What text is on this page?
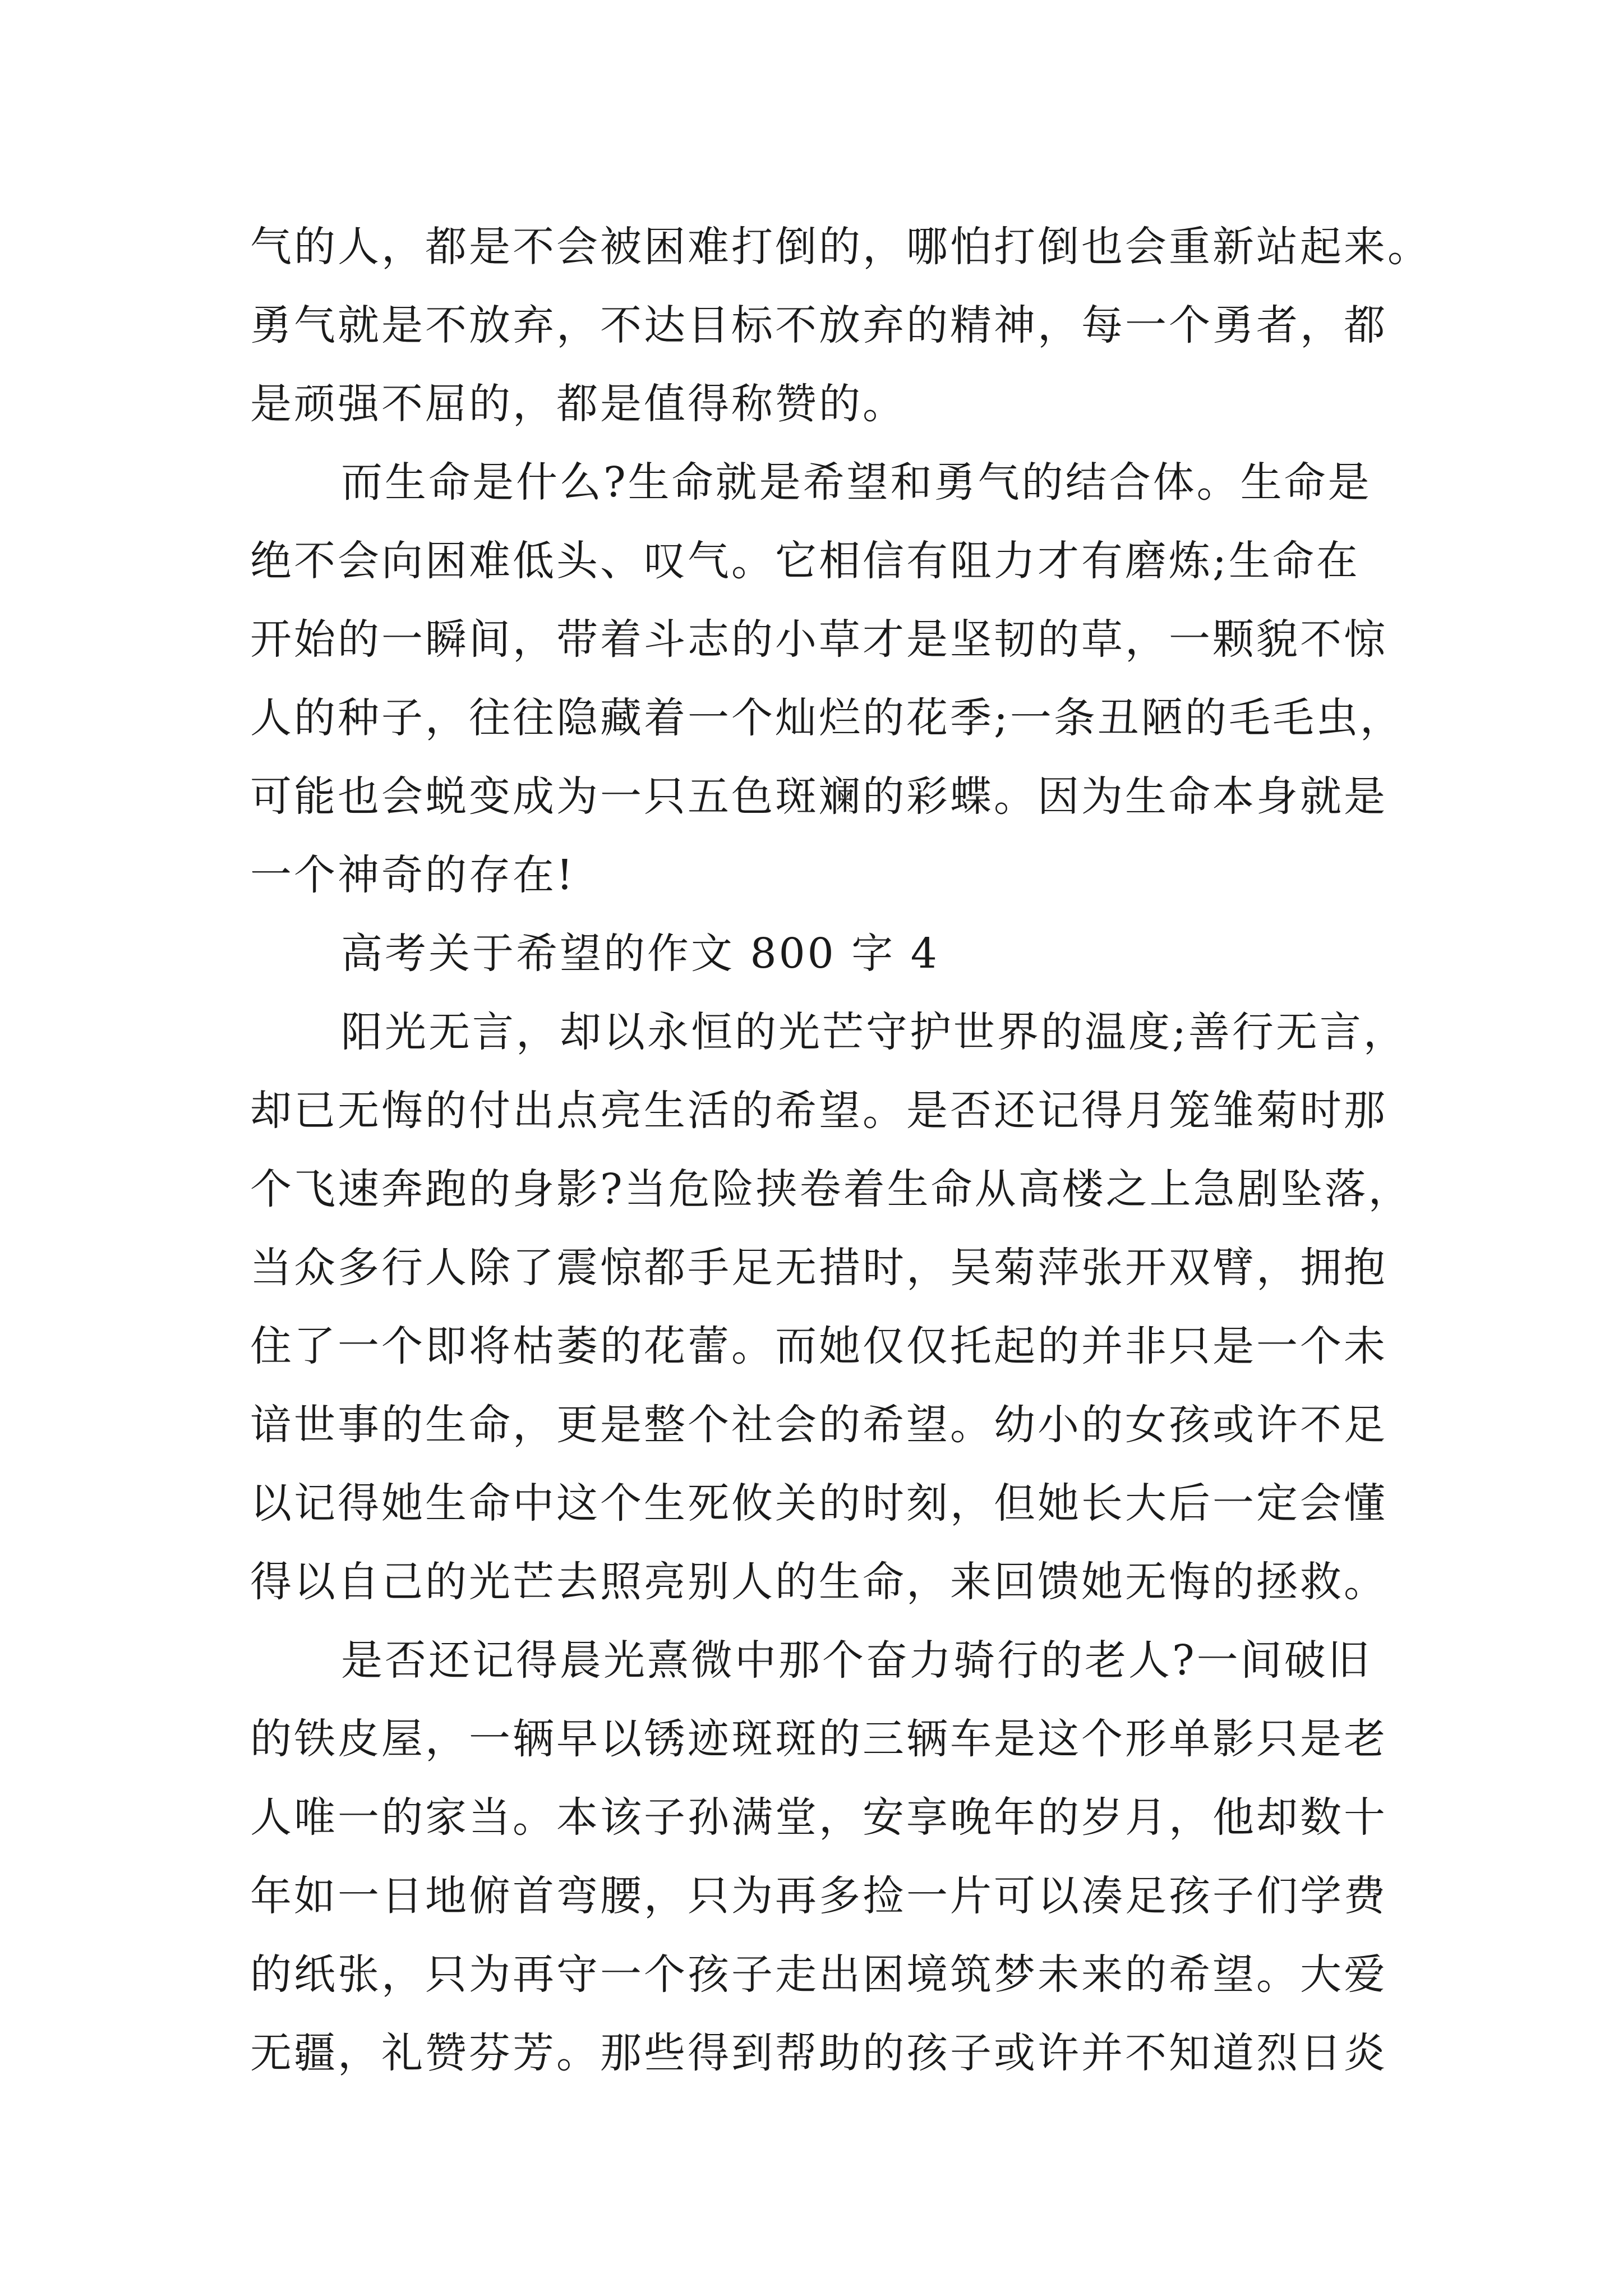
气的人，都是不会被困难打倒的，哪怕打倒也会重新站起来。
勇气就是不放弃，不达目标不放弃的精神，每一个勇者，都
是顽强不屈的，都是值得称赞的。
而生命是什么?生命就是希望和勇气的结合体。生命是
绝不会向困难低头、叹气。它相信有阻力才有磨炼;生命在
开始的一瞬间，带着斗志的小草才是坚韧的草，一颗貌不惊
人的种子，往往隐藏着一个灿烂的花季;一条丑陋的毛毛虫，
可能也会蜕变成为一只五色斑斓的彩蝶。因为生命本身就是
一个神奇的存在!
高考关于希望的作文 800 字 4
阳光无言，却以永恒的光芒守护世界的温度;善行无言，
却已无悔的付出点亮生活的希望。是否还记得月笼雏菊时那
个飞速奔跑的身影?当危险挟卷着生命从高楼之上急剧坠落，
当众多行人除了震惊都手足无措时，吴菊萍张开双臂，拥抱
住了一个即将枯萎的花蕾。而她仅仅托起的并非只是一个未
谙世事的生命，更是整个社会的希望。幼小的女孩或许不足
以记得她生命中这个生死攸关的时刻，但她长大后一定会懂
得以自己的光芒去照亮别人的生命，来回馈她无悔的拯救。
是否还记得晨光熹微中那个奋力骑行的老人?一间破旧
的铁皮屋，一辆早以锈迹斑斑的三辆车是这个形单影只是老
人唯一的家当。本该子孙满堂，安享晚年的岁月，他却数十
年如一日地俯首弯腰，只为再多捡一片可以凑足孩子们学费
的纸张，只为再守一个孩子走出困境筑梦未来的希望。大爱
无疆，礼赞芬芳。那些得到帮助的孩子或许并不知道烈日炎
